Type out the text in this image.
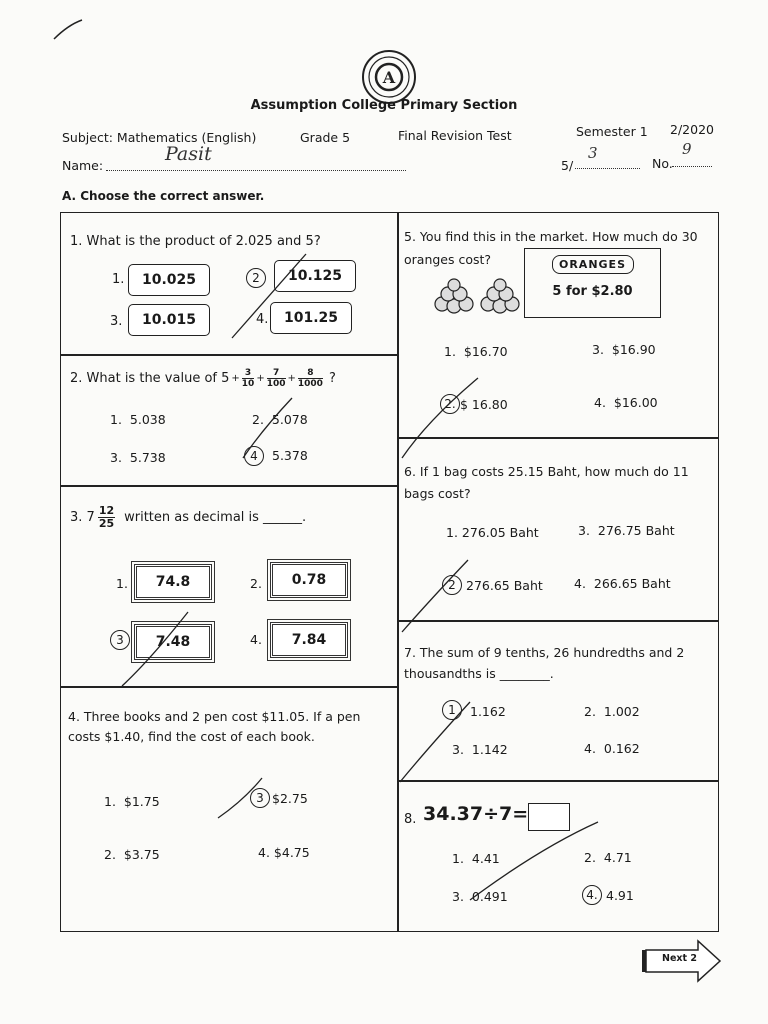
A
Assumption College Primary Section
Subject: Mathematics (English)	Grade 5	Final Revision Test	Semester 1 2/2020
Name:
Pasit
5/
3
No.
9
A. Choose the correct answer.
1. What is the product of 2.025 and 5?
1.	10.025	2	10.125
3.	10.015	4.	101.25
2. What is the value of $5 + \frac{3}{10} + \frac{7}{100} + \frac{8}{1000}$ ?
1. 5.038	2. 5.078
3. 5.738	4	5.378
3. $7 \frac{12}{25}$ written as decimal is ______.
1.	74.8	2.	0.78
3	7.48	4.	7.84
4. Three books and 2 pen cost $11.05. If a pen
costs $1.40, find the cost of each book.
1. $1.75	3 $2.75
2. $3.75	4. $4.75
5. You find this in the market. How much do 30
oranges cost?	ORANGES
5 for $2.80
1. $16.70	3. $16.90
2. $ 16.80	4. $16.00
6. If 1 bag costs 25.15 Baht, how much do 11
bags cost?
1. 276.05 Baht	3. 276.75 Baht
2 276.65 Baht 4. 266.65 Baht
7. The sum of 9 tenths, 26 hundredths and 2
thousandths is ________.
1	1.162	2. 1.002
3. 1.142	4. 0.162
8. 34.37÷7=
1. 4.41	2. 4.71
3. 0.491	4. 4.91
Next 2
